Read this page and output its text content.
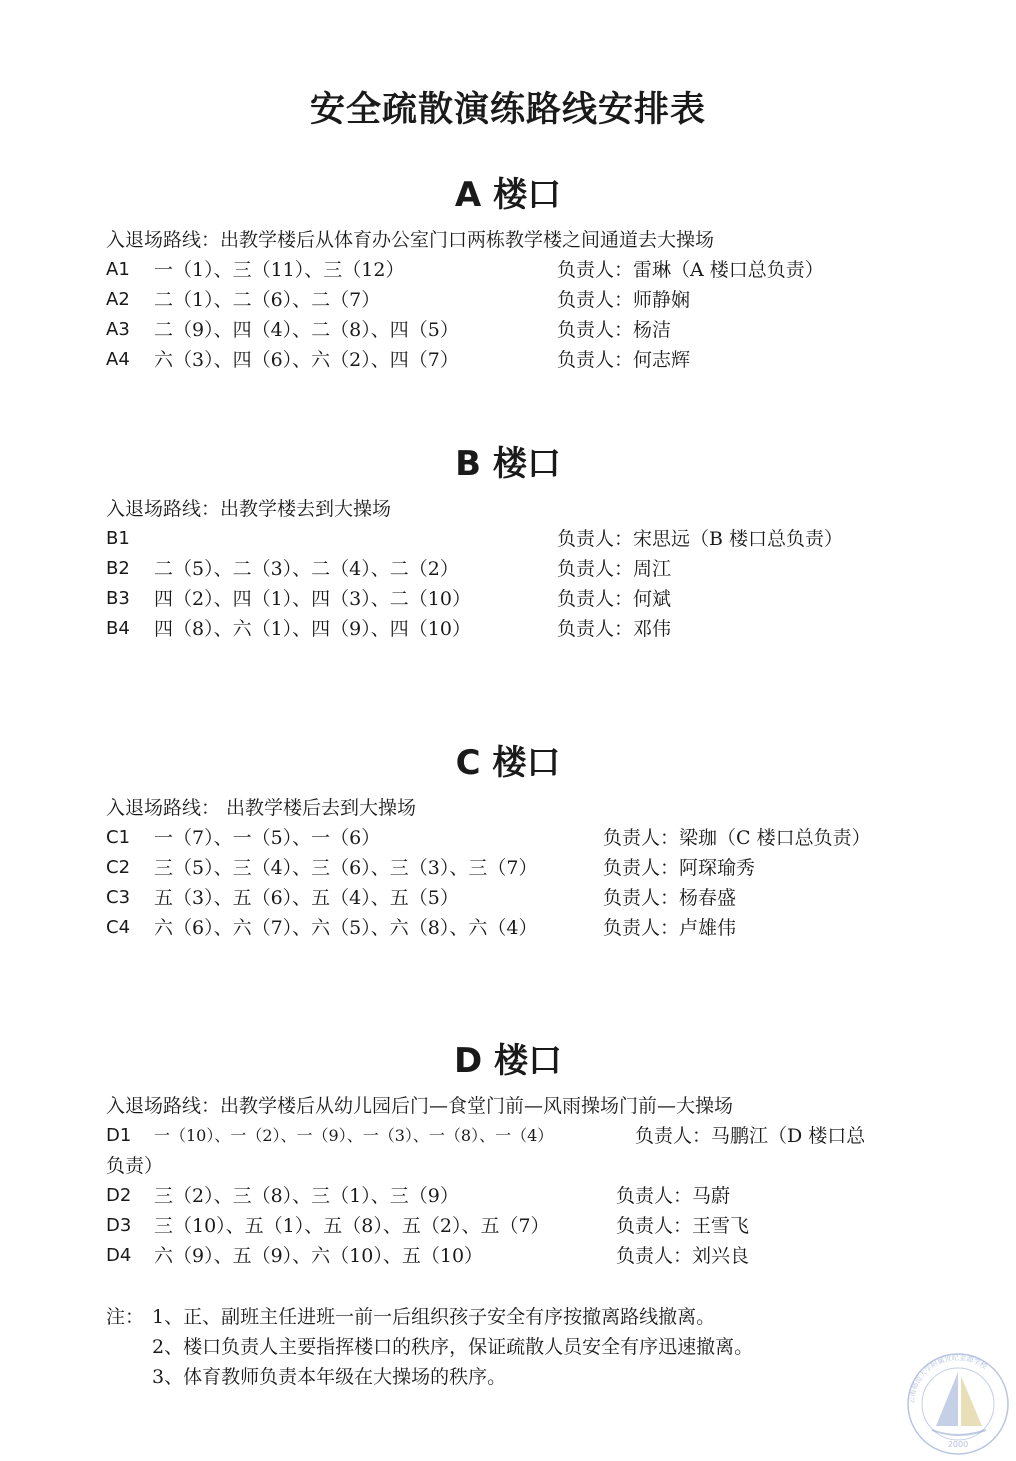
安全疏散演练路线安排表
A 楼口
入退场路线：出教学楼后从体育办公室门口两栋教学楼之间通道去大操场
A1 一（1）、三（11）、三（12）	负责人：雷琳（A 楼口总负责）
A2 二（1）、二（6）、二（7）	负责人：师静娴
A3 二（9）、四（4）、二（8）、四（5）	负责人：杨洁
A4 六（3）、四（6）、六（2）、四（7）	负责人：何志辉
B 楼口
入退场路线：出教学楼去到大操场
B1	负责人：宋思远（B 楼口总负责）
B2 二（5）、二（3）、二（4）、二（2）	负责人：周江
B3 四（2）、四（1）、四（3）、二（10）	负责人：何斌
B4 四（8）、六（1）、四（9）、四（10）	负责人：邓伟
C 楼口
入退场路线： 出教学楼后去到大操场
C1 一（7）、一（5）、一（6）	负责人：梁珈（C 楼口总负责）
C2 三（5）、三（4）、三（6）、三（3）、三（7）	负责人：阿琛瑜秀
C3 五（3）、五（6）、五（4）、五（5）	负责人：杨春盛
C4 六（6）、六（7）、六（5）、六（8）、六（4）	负责人：卢雄伟
D 楼口
入退场路线：出教学楼后从幼儿园后门—食堂门前—风雨操场门前—大操场
D1 一（10）、一（2）、一（9）、一（3）、一（8）、一（4）	负责人：马鹏江（D 楼口总
负责）
D2 三（2）、三（8）、三（1）、三（9）	负责人：马蔚
D3 三（10）、五（1）、五（8）、五（2）、五（7）	负责人：王雪飞
D4 六（9）、五（9）、六（10）、五（10）	负责人：刘兴良
注： 1、正、副班主任进班一前一后组织孩子安全有序按撤离路线撤离。
2、楼口负责人主要指挥楼口的秩序，保证疏散人员安全有序迅速撤离。
3、体育教师负责本年级在大操场的秩序。
云南师范大学附属世纪金源学校
2000
